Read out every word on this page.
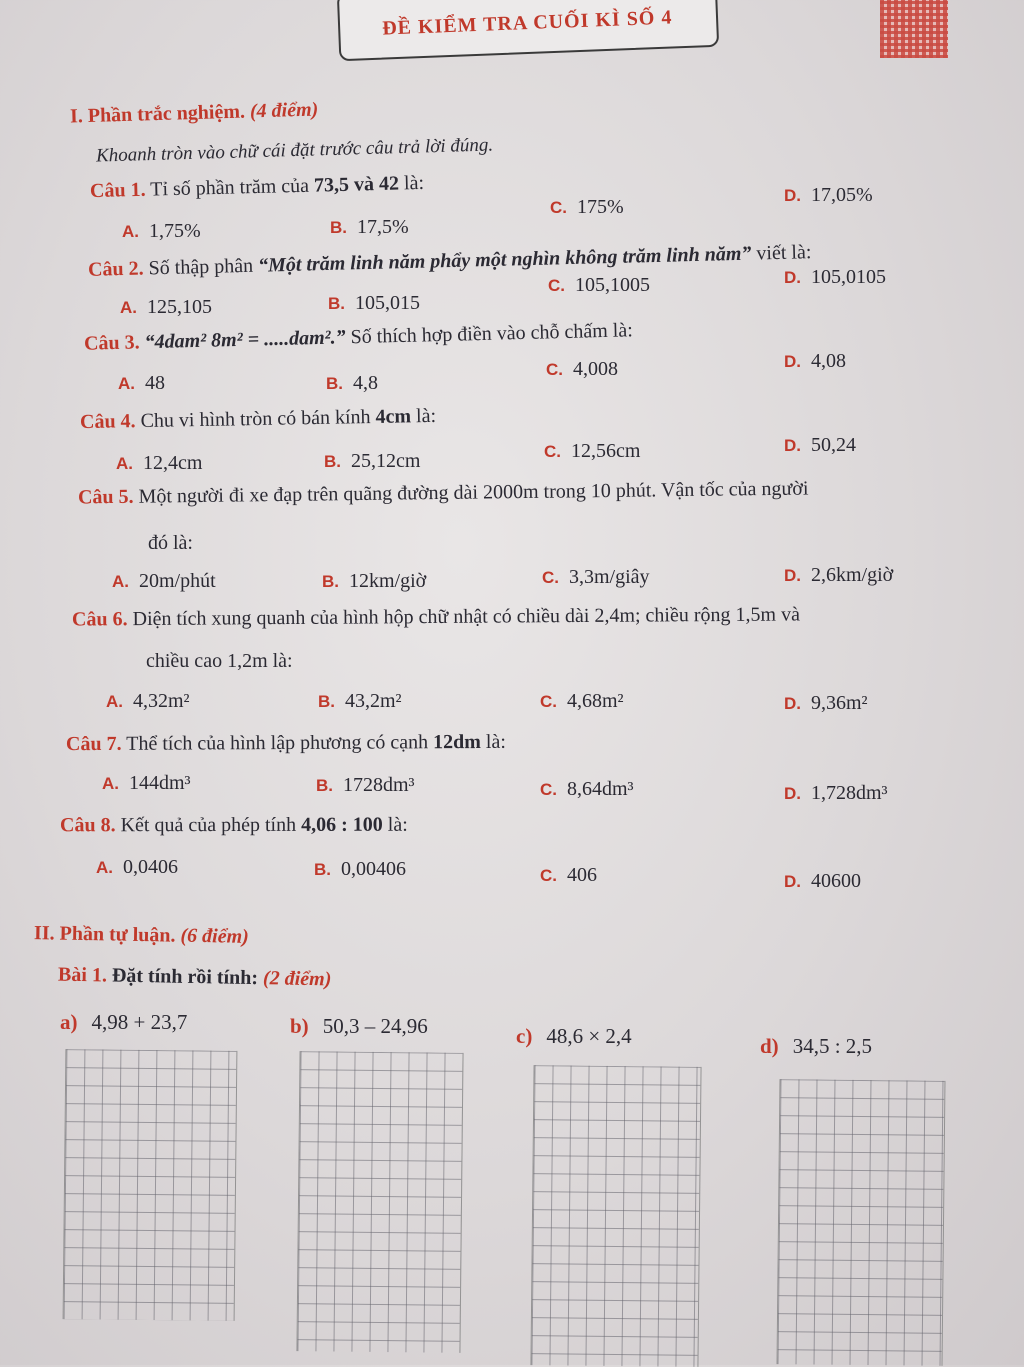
ĐỀ KIỂM TRA CUỐI KÌ SỐ 4
I. Phần trắc nghiệm. (4 điểm)
Khoanh tròn vào chữ cái đặt trước câu trả lời đúng.
Câu 1. Tỉ số phần trăm của 73,5 và 42 là:
A. 1,75%	B. 17,5%
C. 175%
D. 17,05%
Câu 2. Số thập phân “Một trăm linh năm phẩy một nghìn không trăm linh năm” viết là:
A. 125,105	B. 105,015
C. 105,1005	D. 105,0105
Câu 3. “4dam² 8m² = .....dam².” Số thích hợp điền vào chỗ chấm là:
A. 48	B. 4,8
C. 4,008	D. 4,08
Câu 4. Chu vi hình tròn có bán kính 4cm là:
A. 12,4cm	B. 25,12cm	C. 12,56cm	D. 50,24
Câu 5. Một người đi xe đạp trên quãng đường dài 2000m trong 10 phút. Vận tốc của người
đó là:
A. 20m/phút	B. 12km/giờ	C. 3,3m/giây	D. 2,6km/giờ
Câu 6. Diện tích xung quanh của hình hộp chữ nhật có chiều dài 2,4m; chiều rộng 1,5m và
chiều cao 1,2m là:
A. 4,32m²	B. 43,2m²	C. 4,68m²	D. 9,36m²
Câu 7. Thể tích của hình lập phương có cạnh 12dm là:
A. 144dm³	B. 1728dm³	C. 8,64dm³	D. 1,728dm³
Câu 8. Kết quả của phép tính 4,06 : 100 là:
A. 0,0406	B. 0,00406	C. 406	D. 40600
II. Phần tự luận. (6 điểm)
Bài 1. Đặt tính rồi tính: (2 điểm)
a) 4,98 + 23,7	b) 50,3 – 24,96	c) 48,6 × 2,4	d) 34,5 : 2,5
